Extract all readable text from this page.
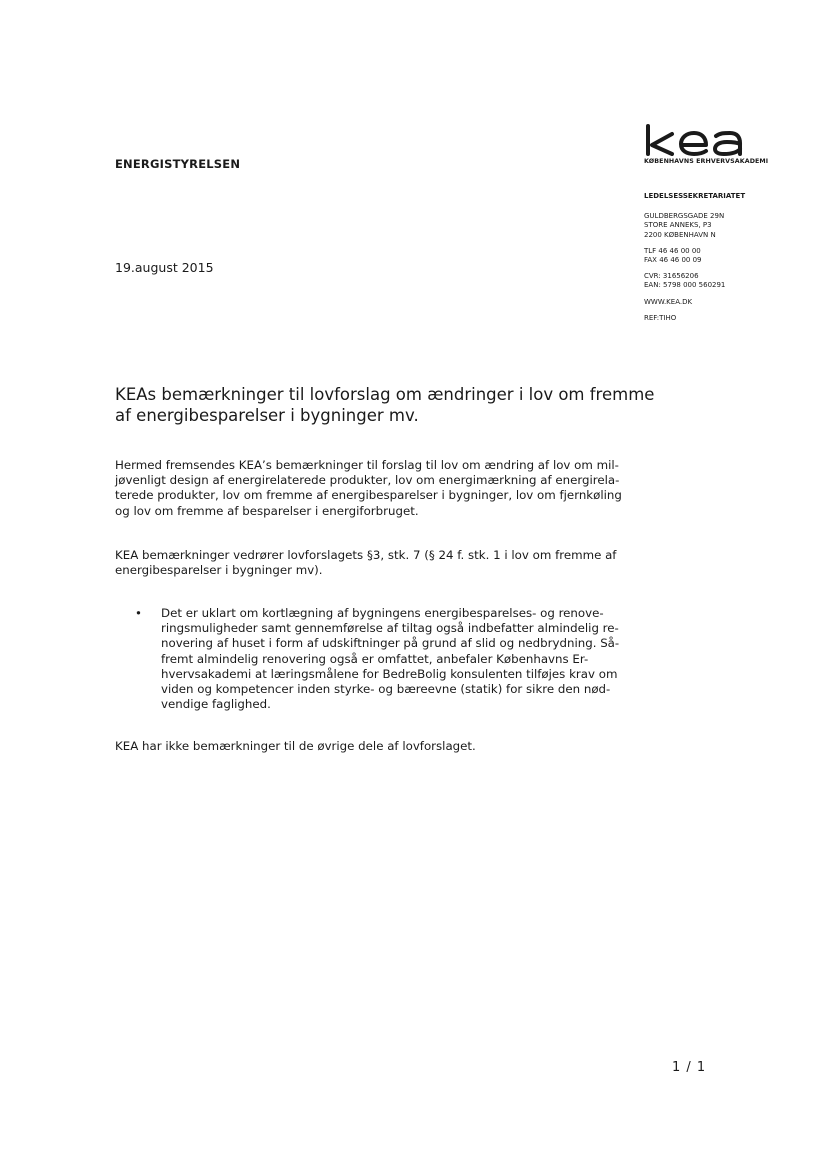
ENERGISTYRELSEN	KØBENHAVNS ERHVERVSAKADEMI
LEDELSESSEKRETARIATET
GULDBERGSGADE 29N
STORE ANNEKS, P3
2200 KØBENHAVN N
TLF 46 46 00 00
FAX 46 46 00 09
CVR: 31656206
EAN: 5798 000 560291
WWW.KEA.DK
REF:TIHO
19.august 2015
KEAs bemærkninger til lovforslag om ændringer i lov om fremme
af energibesparelser i bygninger mv.
Hermed fremsendes KEA’s bemærkninger til forslag til lov om ændring af lov om mil-
jøvenligt design af energirelaterede produkter, lov om energimærkning af energirela-
terede produkter, lov om fremme af energibesparelser i bygninger, lov om fjernkøling
og lov om fremme af besparelser i energiforbruget.
KEA bemærkninger vedrører lovforslagets §3, stk. 7 (§ 24 f. stk. 1 i lov om fremme af
energibesparelser i bygninger mv).
• Det er uklart om kortlægning af bygningens energibesparelses- og renove-
ringsmuligheder samt gennemførelse af tiltag også indbefatter almindelig re-
novering af huset i form af udskiftninger på grund af slid og nedbrydning. Så-
fremt almindelig renovering også er omfattet, anbefaler Københavns Er-
hvervsakademi at læringsmålene for BedreBolig konsulenten tilføjes krav om
viden og kompetencer inden styrke- og bæreevne (statik) for sikre den nød-
vendige faglighed.
KEA har ikke bemærkninger til de øvrige dele af lovforslaget.
1 / 1
